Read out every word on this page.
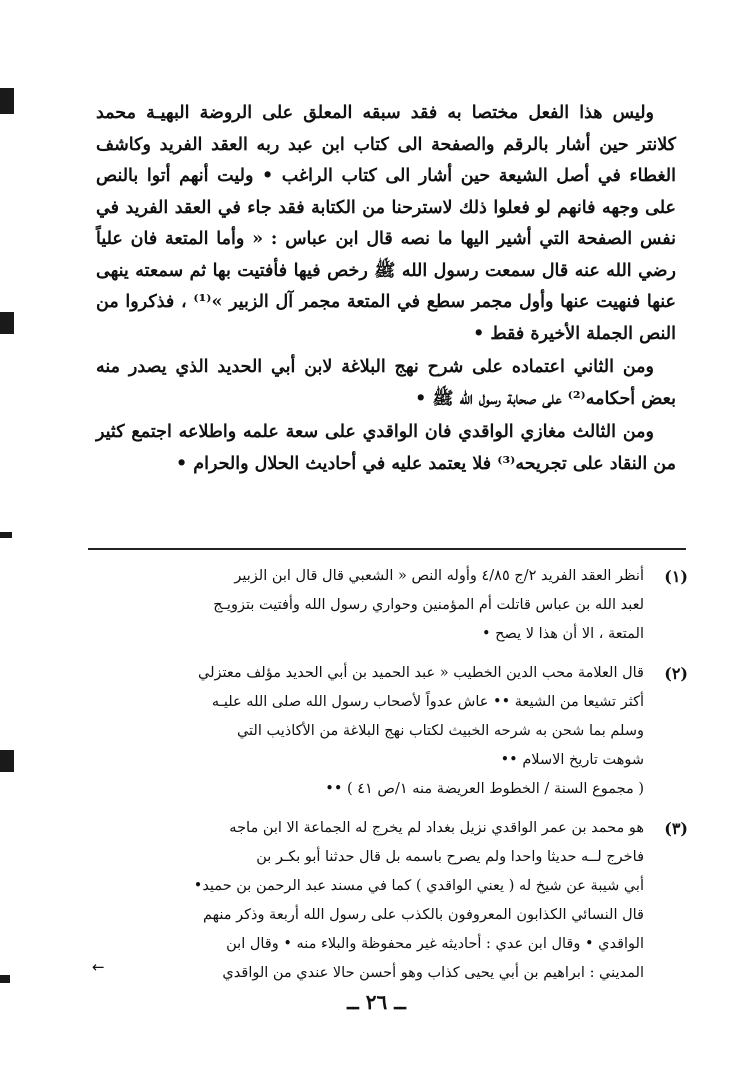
وليس هذا الفعل مختصا به فقد سبقه المعلق على الروضة البهيـة محمد كلانتر حين أشار بالرقم والصفحة الى كتاب ابن عبد ربه العقد الفريد وكاشف الغطاء في أصل الشيعة حين أشار الى كتاب الراغب • وليت أنهم أتوا بالنص على وجهه فانهم لو فعلوا ذلك لاسترحنا من الكتابة فقد جاء في العقد الفريد في نفس الصفحة التي أشير اليها ما نصه قال ابن عباس : « وأما المتعة فان علياً رضي الله عنه قال سمعت رسول الله ﷺ رخص فيها فأفتيت بها ثم سمعته ينهى عنها فنهيت عنها وأول مجمر سطع في المتعة مجمر آل الزبير »⁽¹⁾ ، فذكروا من النص الجملة الأخيرة فقط •

ومن الثاني اعتماده على شرح نهج البلاغة لابن أبي الحديد الذي يصدر منه بعض أحكامه⁽²⁾ على صحابة رسول الله ﷺ •

ومن الثالث مغازي الواقدي فان الواقدي على سعة علمه واطلاعه اجتمع كثير من النقاد على تجريحه⁽³⁾ فلا يعتمد عليه في أحاديث الحلال والحرام •

(١)
أنظر العقد الفريد ٢/ج ٤/٨٥ وأوله النص « الشعبي قال قال ابن الزبير
لعبد الله بن عباس قاتلت أم المؤمنين وحواري رسول الله وأفتيت بتزويـج
المتعة ، الا أن هذا لا يصح •
(٢)
قال العلامة محب الدين الخطيب « عبد الحميد بن أبي الحديد مؤلف معتزلي
أكثر تشيعا من الشيعة •• عاش عدواً لأصحاب رسول الله صلى الله عليـه
وسلم بما شحن به شرحه الخبيث لكتاب نهج البلاغة من الأكاذيب التي
شوهت تاريخ الاسلام ••
( مجموع السنة / الخطوط العريضة منه ١/ص ٤١ ) ••
(٣)
هو محمد بن عمر الواقدي نزيل بغداد لم يخرج له الجماعة الا ابن ماجه
فاخرج لــه حديثا واحدا ولم يصرح باسمه بل قال حدثنا أبو بكـر بن
أبي شيبة عن شيخ له ( يعني الواقدي ) كما في مسند عبد الرحمن بن حميد•
قال النسائي الكذابون المعروفون بالكذب على رسول الله أربعة وذكر منهم
الواقدي • وقال ابن عدي : أحاديثه غير محفوظة والبلاء منه • وقال ابن
المديني : ابراهيم بن أبي يحيى كذاب وهو أحسن حالا عندي من الواقدي
←
ــ ٢٦ ــ
